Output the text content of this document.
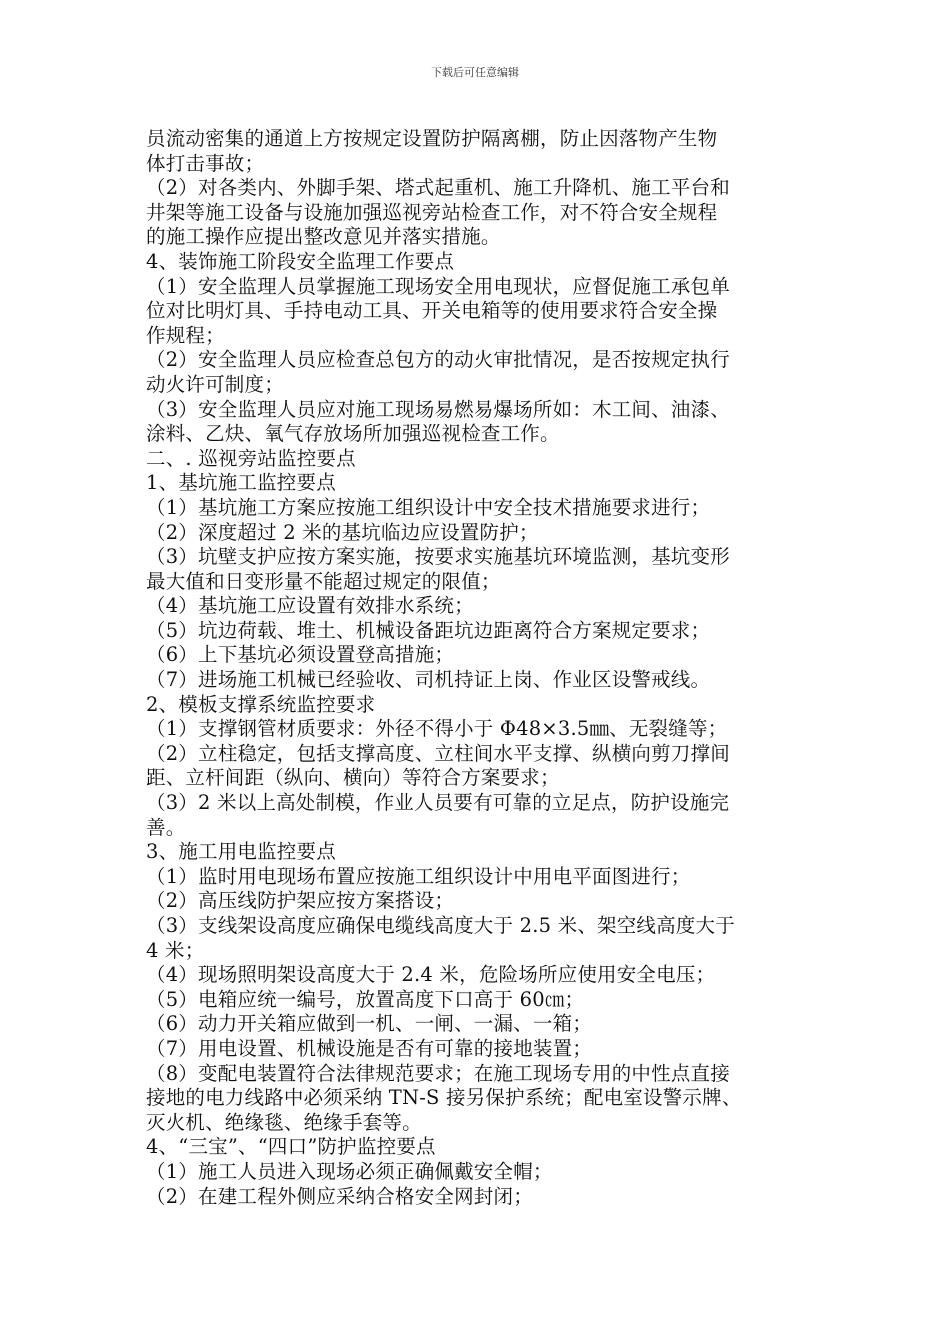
下载后可任意编辑
员流动密集的通道上方按规定设置防护隔离棚，防止因落物产生物
体打击事故；
（2）对各类内、外脚手架、塔式起重机、施工升降机、施工平台和
井架等施工设备与设施加强巡视旁站检查工作，对不符合安全规程
的施工操作应提出整改意见并落实措施。
4、装饰施工阶段安全监理工作要点
（1）安全监理人员掌握施工现场安全用电现状，应督促施工承包单
位对比明灯具、手持电动工具、开关电箱等的使用要求符合安全操
作规程；
（2）安全监理人员应检查总包方的动火审批情况，是否按规定执行
动火许可制度；
（3）安全监理人员应对施工现场易燃易爆场所如：木工间、油漆、
涂料、乙炔、氧气存放场所加强巡视检查工作。
二、. 巡视旁站监控要点
1、基坑施工监控要点
（1）基坑施工方案应按施工组织设计中安全技术措施要求进行；
（2）深度超过 2 米的基坑临边应设置防护；
（3）坑壁支护应按方案实施，按要求实施基坑环境监测，基坑变形
最大值和日变形量不能超过规定的限值；
（4）基坑施工应设置有效排水系统；
（5）坑边荷载、堆土、机械设备距坑边距离符合方案规定要求；
（6）上下基坑必须设置登高措施；
（7）进场施工机械已经验收、司机持证上岗、作业区设警戒线。
2、模板支撑系统监控要求
（1）支撑钢管材质要求：外径不得小于 Φ48×3.5㎜、无裂缝等；
（2）立柱稳定，包括支撑高度、立柱间水平支撑、纵横向剪刀撑间
距、立杆间距（纵向、横向）等符合方案要求；
（3）2 米以上高处制模，作业人员要有可靠的立足点，防护设施完
善。
3、施工用电监控要点
（1）监时用电现场布置应按施工组织设计中用电平面图进行；
（2）高压线防护架应按方案搭设；
（3）支线架设高度应确保电缆线高度大于 2.5 米、架空线高度大于
4 米；
（4）现场照明架设高度大于 2.4 米，危险场所应使用安全电压；
（5）电箱应统一编号，放置高度下口高于 60㎝；
（6）动力开关箱应做到一机、一闸、一漏、一箱；
（7）用电设置、机械设施是否有可靠的接地装置；
（8）变配电装置符合法律规范要求；在施工现场专用的中性点直接
接地的电力线路中必须采纳 TN-S 接另保护系统；配电室设警示牌、
灭火机、绝缘毯、绝缘手套等。
4、“三宝”、“四口”防护监控要点
（1）施工人员进入现场必须正确佩戴安全帽；
（2）在建工程外侧应采纳合格安全网封闭；
